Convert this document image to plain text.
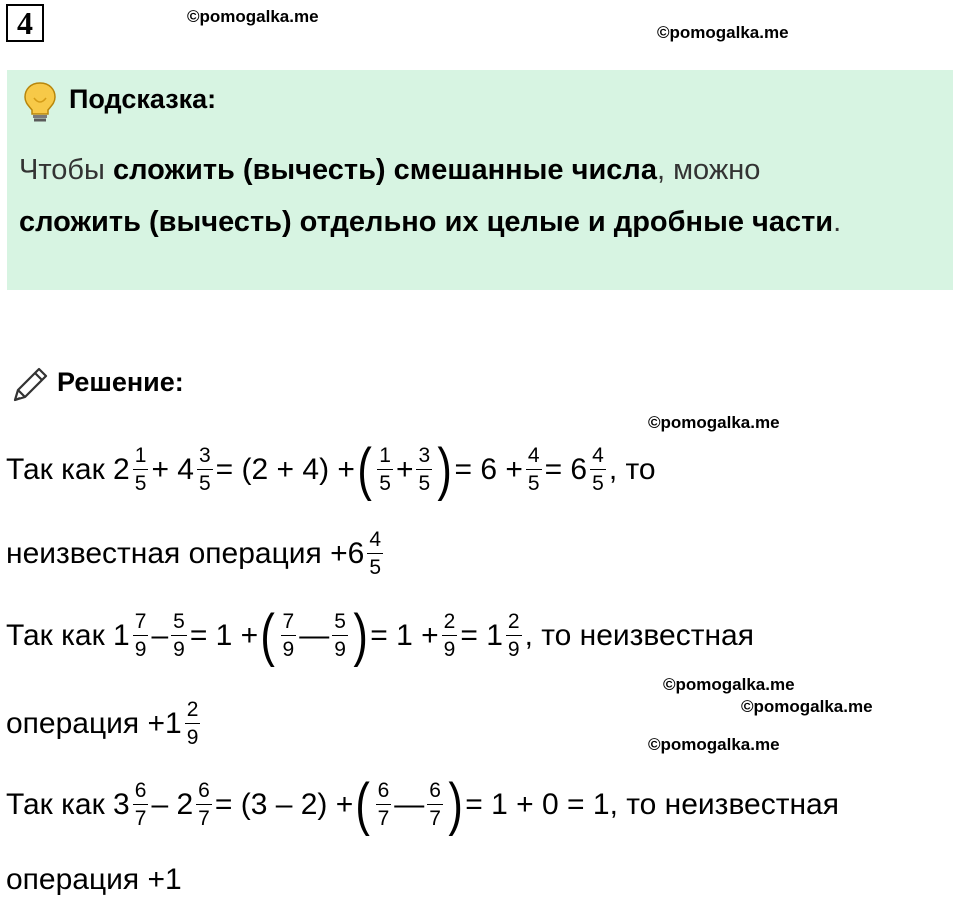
4	©pomogalka.me
©pomogalka.me
Подсказка:
Чтобы сложить (вычесть) смешанные числа, можно
сложить (вычесть) отдельно их целые и дробные части.
Решение:
©pomogalka.me
Так как $2 \frac{1}{5} + 4 \frac{3}{5} = (2 + 4)$ + ( $\frac{1}{5} + \frac{3}{5}$ ) = $6 + \frac{4}{5} = 6 \frac{4}{5}$ , то
неизвестная операция $+6 \frac{4}{5}$
Так как $1 \frac{7}{9} - \frac{5}{9} = 1$ + ( $\frac{7}{9}$ — $\frac{5}{9}$ ) = $1 + \frac{2}{9} = 1 \frac{2}{9}$ , то неизвестная
©pomogalka.me
©pomogalka.me
операция $+1 \frac{2}{9}$	©pomogalka.me
Так как $3 \frac{6}{7} - 2 \frac{6}{7} = (3 - 2)$ + ( $\frac{6}{7}$ — $\frac{6}{7}$ ) = 1 + 0 = 1, то неизвестная
операция +1
